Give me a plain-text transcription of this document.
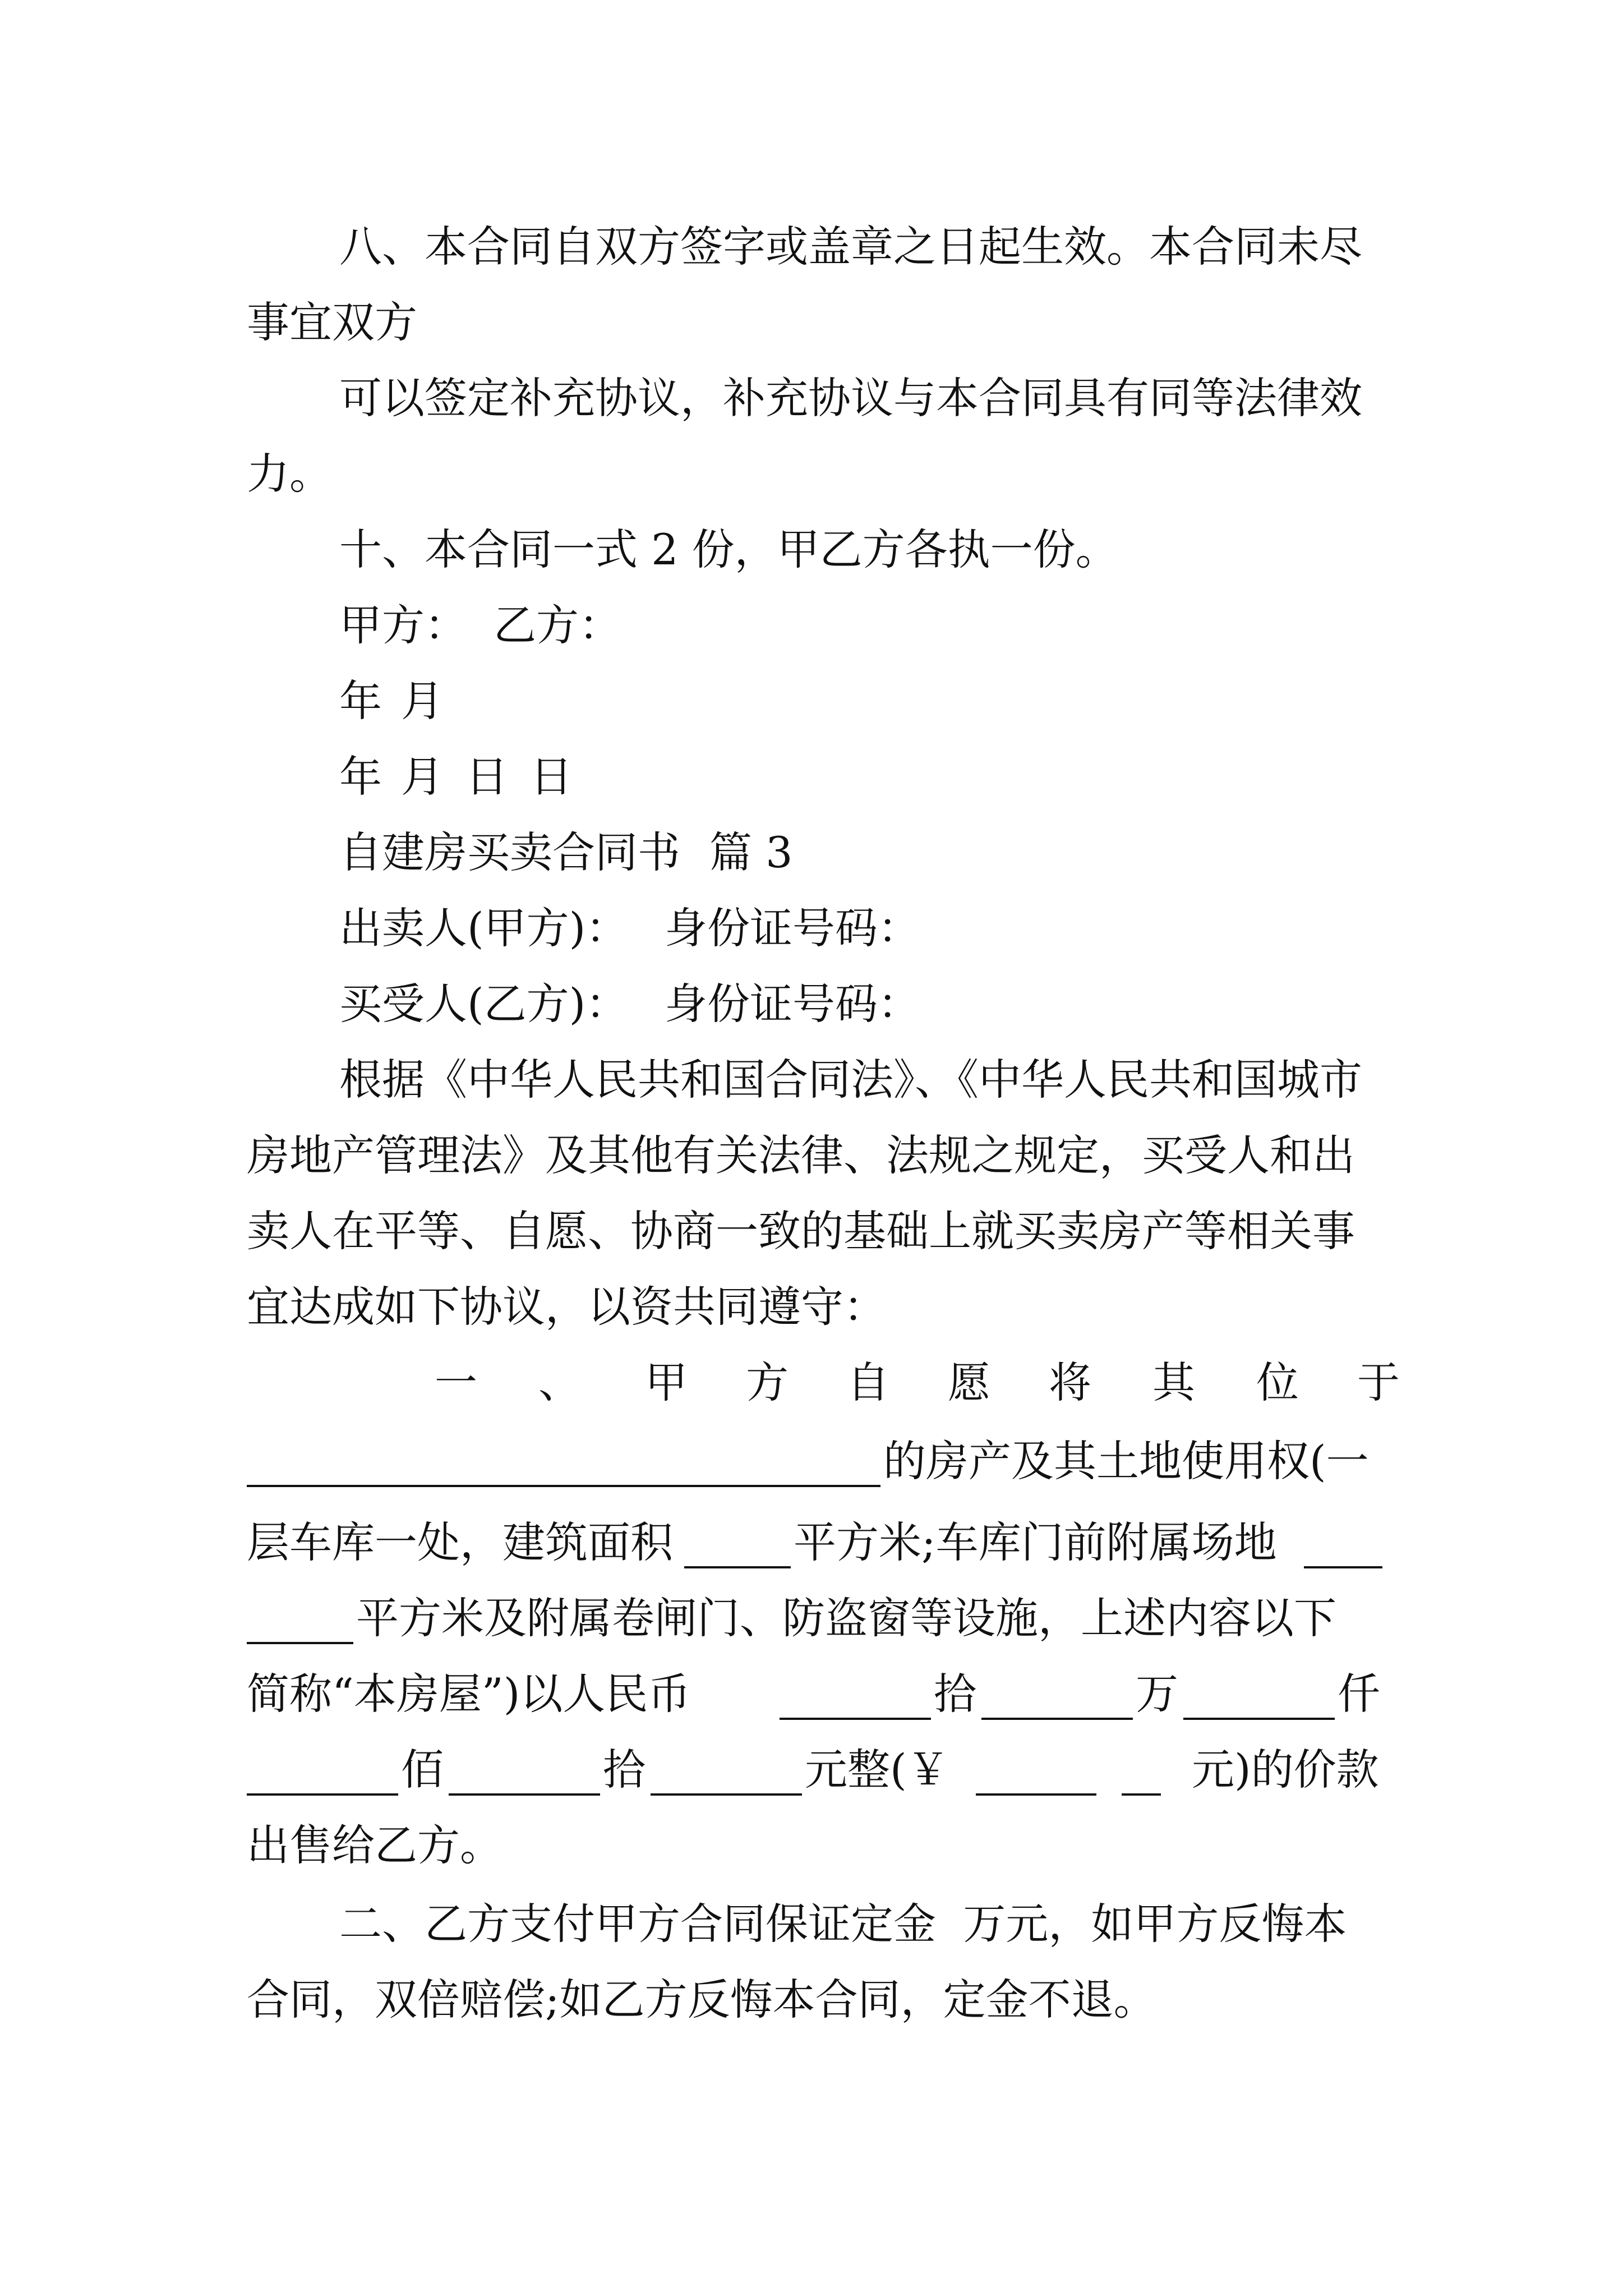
八、本合同自双方签字或盖章之日起生效。本合同未尽
事宜双方
可以签定补充协议，补充协议与本合同具有同等法律效
力。
十、本合同一式 2 份，甲乙方各执一份。
甲方： 乙方：
年 月
年 月 日 日
自建房买卖合同书 篇 3
出卖人(甲方)： 身份证号码：
买受人(乙方)： 身份证号码：
根据《中华人民共和国合同法》、《中华人民共和国城市
房地产管理法》及其他有关法律、法规之规定，买受人和出
卖人在平等、自愿、协商一致的基础上就买卖房产等相关事
宜达成如下协议，以资共同遵守：
一 、 甲 方 自 愿 将 其 位 于
的房产及其土地使用权(一
层车库一处，建筑面积	平方米;车库门前附属场地
平方米及附属卷闸门、防盗窗等设施，上述内容以下
简称“本房屋”)以人民币	拾	万	仟
佰	拾	元整(￥	元)的价款
出售给乙方。
二、乙方支付甲方合同保证定金  万元，如甲方反悔本
合同，双倍赔偿;如乙方反悔本合同，定金不退。
